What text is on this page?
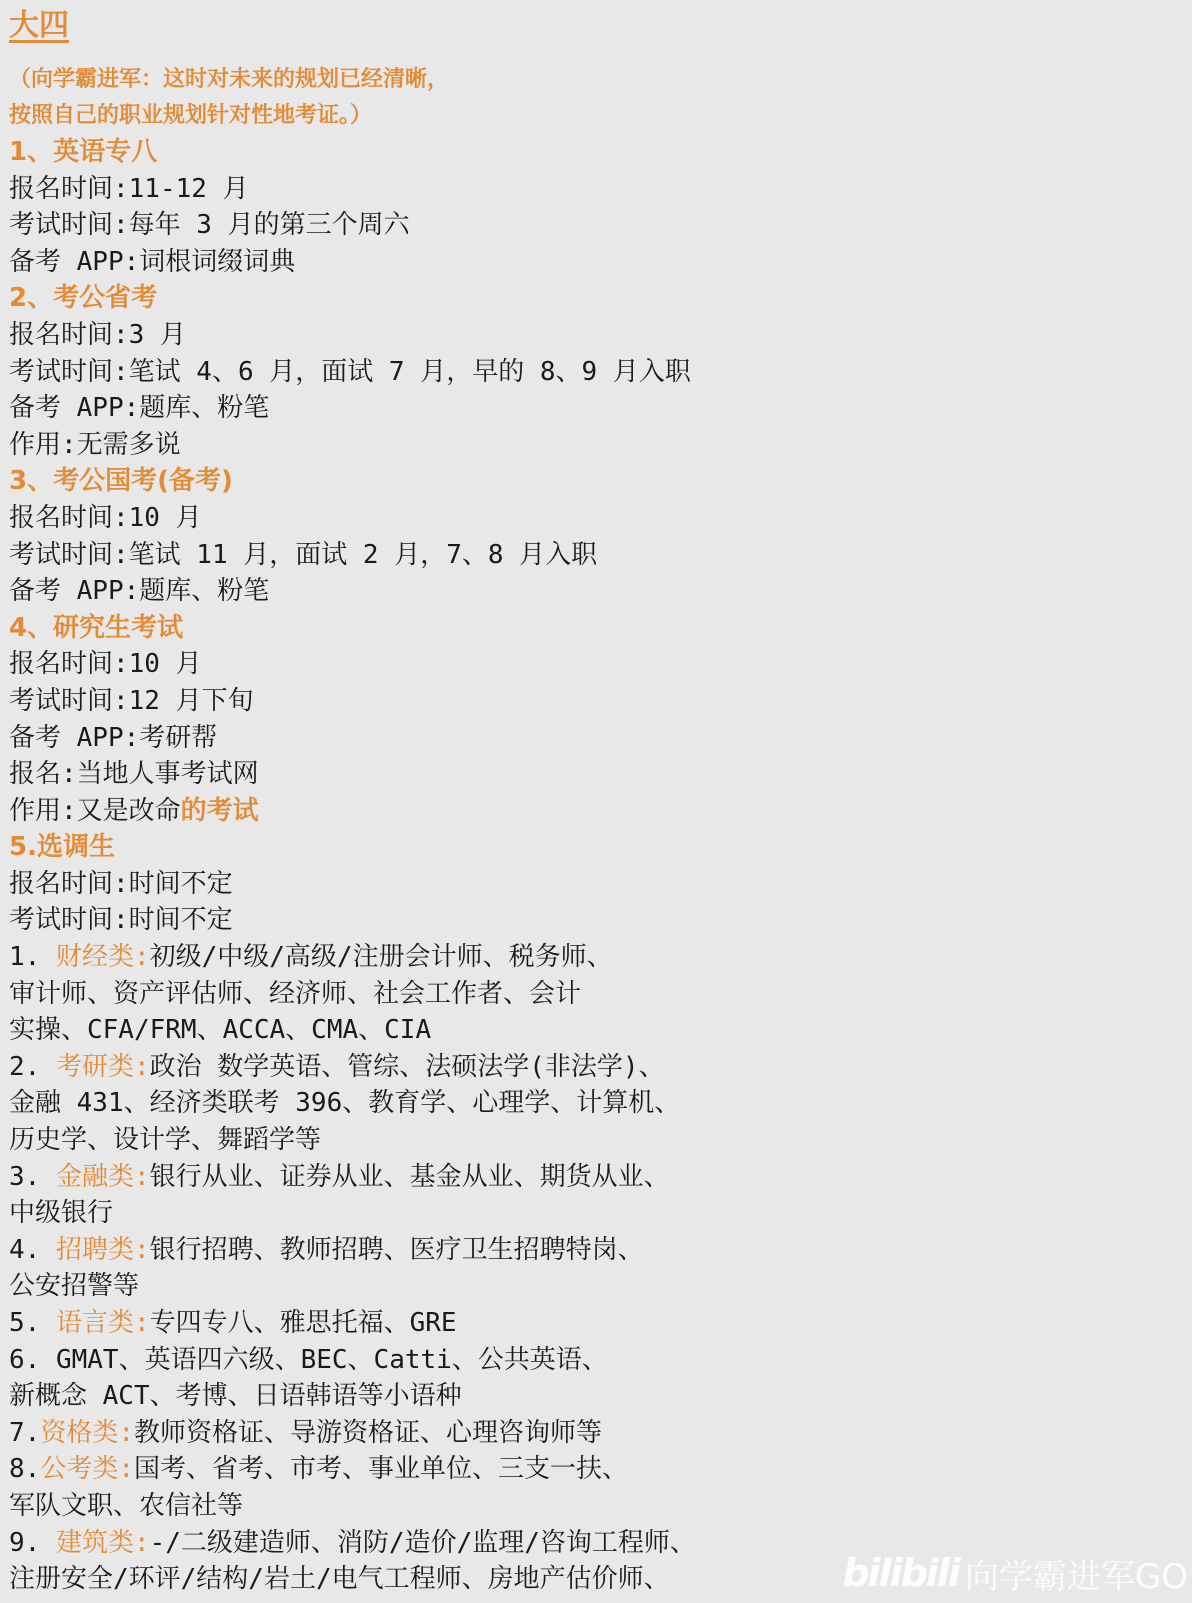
大四
（向学霸进军：这时对未来的规划已经清晰，
按照自己的职业规划针对性地考证。）
1、英语专八
报名时间:11-12 月
考试时间:每年 3 月的第三个周六
备考 APP:词根词缀词典
2、考公省考
报名时间:3 月
考试时间:笔试 4、6 月，面试 7 月，早的 8、9 月入职
备考 APP:题库、粉笔
作用:无需多说
3、考公国考(备考)
报名时间:10 月
考试时间:笔试 11 月，面试 2 月，7、8 月入职
备考 APP:题库、粉笔
4、研究生考试
报名时间:10 月
考试时间:12 月下旬
备考 APP:考研帮
报名:当地人事考试网
作用:又是改命的考试
5.选调生
报名时间:时间不定
考试时间:时间不定
1. 财经类:初级/中级/高级/注册会计师、税务师、
审计师、资产评估师、经济师、社会工作者、会计
实操、CFA/FRM、ACCA、CMA、CIA
2. 考研类:政治 数学英语、管综、法硕法学(非法学)、
金融 431、经济类联考 396、教育学、心理学、计算机、
历史学、设计学、舞蹈学等
3. 金融类:银行从业、证券从业、基金从业、期货从业、
中级银行
4. 招聘类:银行招聘、教师招聘、医疗卫生招聘特岗、
公安招警等
5. 语言类:专四专八、雅思托福、GRE
6. GMAT、英语四六级、BEC、Catti、公共英语、
新概念 ACT、考博、日语韩语等小语种
7.资格类:教师资格证、导游资格证、心理咨询师等
8.公考类:国考、省考、市考、事业单位、三支一扶、
军队文职、农信社等
9. 建筑类:-/二级建造师、消防/造价/监理/咨询工程师、
注册安全/环评/结构/岩土/电气工程师、房地产估价师、	bilibili 向学霸进军GO
